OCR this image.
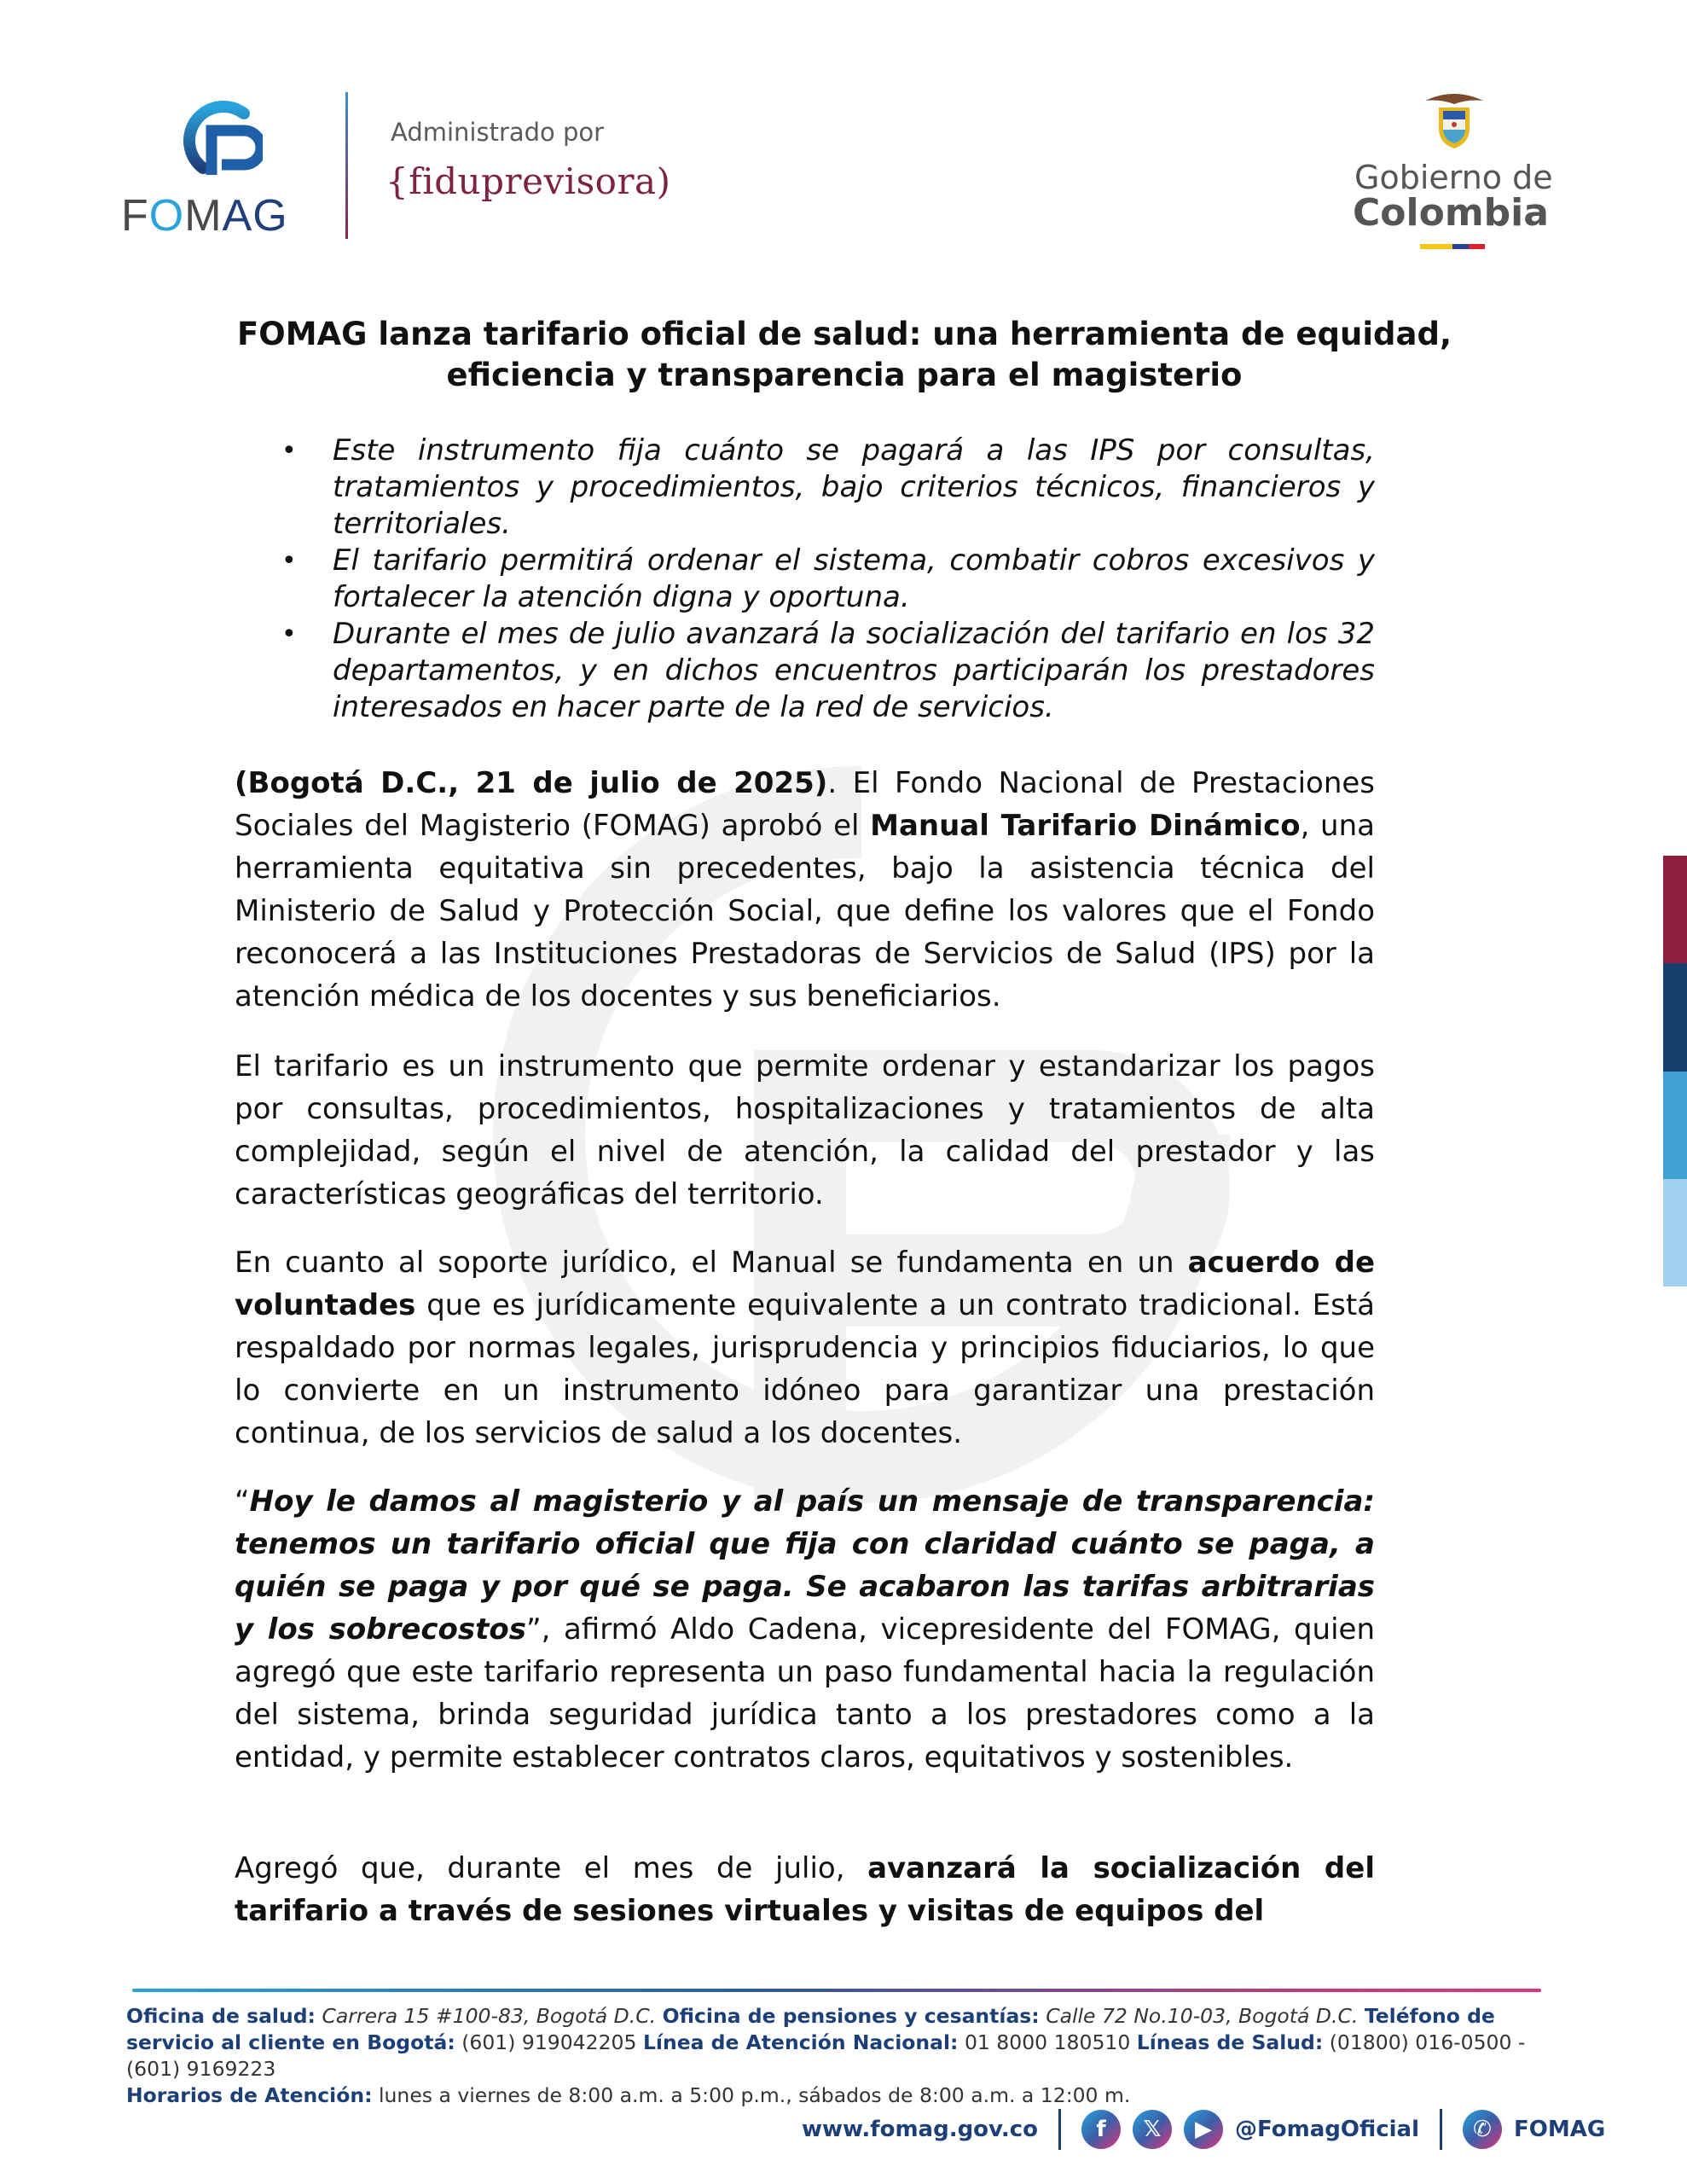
FOMAG
Administrado por
{fiduprevisora)	Gobierno de
Colombia
FOMAG lanza tarifario oficial de salud: una herramienta de equidad, eficiencia y transparencia para el magisterio
• Este instrumento fija cuánto se pagará a las IPS por consultas, tratamientos y procedimientos, bajo criterios técnicos, financieros y territoriales.
• El tarifario permitirá ordenar el sistema, combatir cobros excesivos y fortalecer la atención digna y oportuna.
• Durante el mes de julio avanzará la socialización del tarifario en los 32 departamentos, y en dichos encuentros participarán los prestadores interesados en hacer parte de la red de servicios.

(Bogotá D.C., 21 de julio de 2025). El Fondo Nacional de Prestaciones Sociales del Magisterio (FOMAG) aprobó el Manual Tarifario Dinámico, una herramienta equitativa sin precedentes, bajo la asistencia técnica del Ministerio de Salud y Protección Social, que define los valores que el Fondo reconocerá a las Instituciones Prestadoras de Servicios de Salud (IPS) por la atención médica de los docentes y sus beneficiarios.

El tarifario es un instrumento que permite ordenar y estandarizar los pagos por consultas, procedimientos, hospitalizaciones y tratamientos de alta complejidad, según el nivel de atención, la calidad del prestador y las características geográficas del territorio.

En cuanto al soporte jurídico, el Manual se fundamenta en un acuerdo de voluntades que es jurídicamente equivalente a un contrato tradicional. Está respaldado por normas legales, jurisprudencia y principios fiduciarios, lo que lo convierte en un instrumento idóneo para garantizar una prestación continua, de los servicios de salud a los docentes.

“Hoy le damos al magisterio y al país un mensaje de transparencia: tenemos un tarifario oficial que fija con claridad cuánto se paga, a quién se paga y por qué se paga. Se acabaron las tarifas arbitrarias y los sobrecostos”, afirmó Aldo Cadena, vicepresidente del FOMAG, quien agregó que este tarifario representa un paso fundamental hacia la regulación del sistema, brinda seguridad jurídica tanto a los prestadores como a la entidad, y permite establecer contratos claros, equitativos y sostenibles.

Agregó que, durante el mes de julio, avanzará la socialización del tarifario a través de sesiones virtuales y visitas de equipos del

Oficina de salud: Carrera 15 #100-83, Bogotá D.C. Oficina de pensiones y cesantías: Calle 72 No.10-03, Bogotá D.C. Teléfono de servicio al cliente en Bogotá: (601) 919042205 Línea de Atención Nacional: 01 8000 180510 Líneas de Salud: (01800) 016-0500 - (601) 9169223
Horarios de Atención: lunes a viernes de 8:00 a.m. a 5:00 p.m., sábados de 8:00 a.m. a 12:00 m.
www.fomag.gov.co	f	𝕏	▶	@FomagOficial	✆	FOMAG
